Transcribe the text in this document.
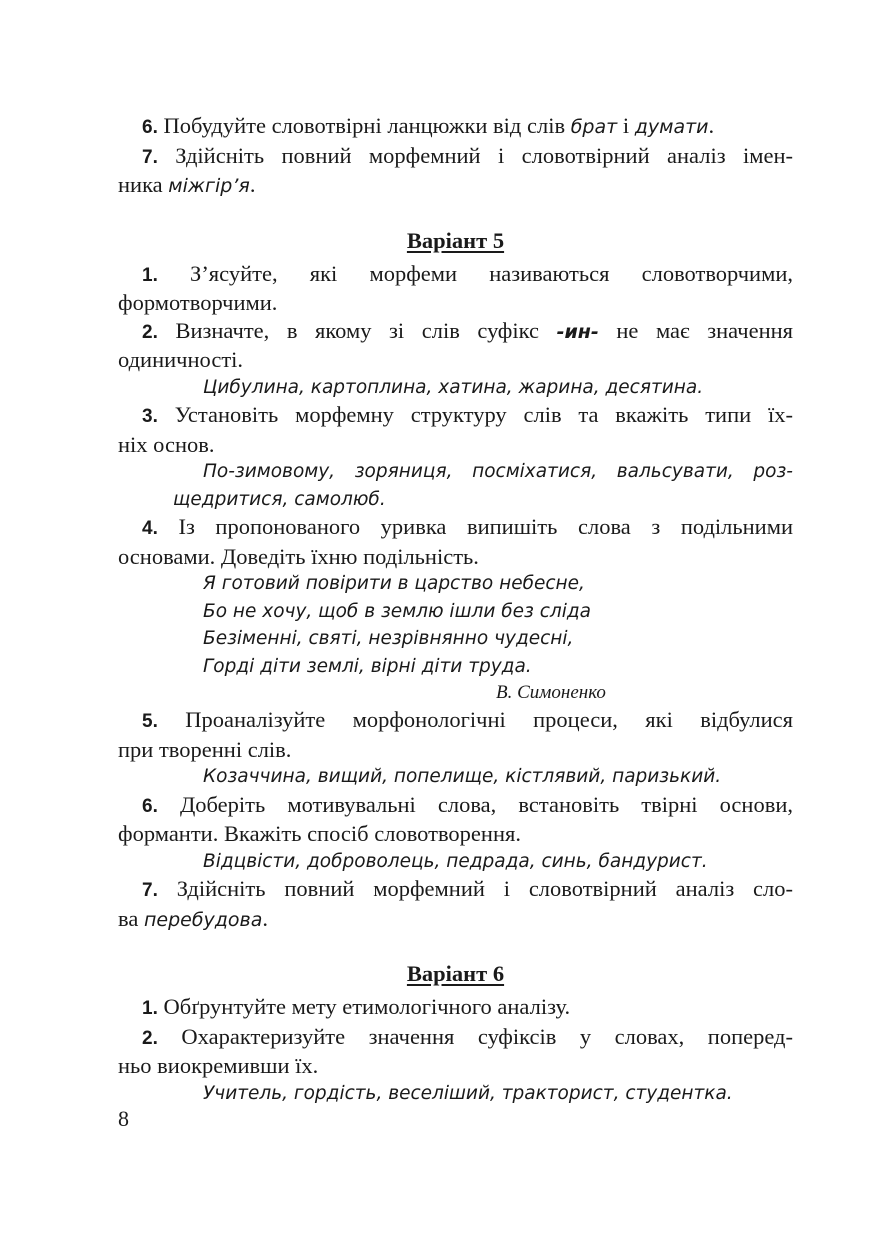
6. Побудуйте словотвірні ланцюжки від слів брат і думати.

7. Здійсніть повний морфемний і словотвірний аналіз імен-

ника міжгір’я.

Варіант 5

1. З’ясуйте, які морфеми називаються словотворчими,

формотворчими.

2. Визначте, в якому зі слів суфікс -ин- не має значення

одиничності.

Цибулина, картоплина, хатина, жарина, десятина.

3. Установіть морфемну структуру слів та вкажіть типи їх-

ніх основ.

По-зимовому, зоряниця, посміхатися, вальсувати, роз-

щедритися, самолюб.

4. Із пропонованого уривка випишіть слова з подільними

основами. Доведіть їхню подільність.

Я готовий повірити в царство небесне,
Бо не хочу, щоб в землю ішли без сліда
Безіменні, святі, незрівнянно чудесні,
Горді діти землі, вірні діти труда.
В. Симоненко

5. Проаналізуйте морфонологічні процеси, які відбулися

при творенні слів.

Козаччина, вищий, попелище, кістлявий, паризький.

6. Доберіть мотивувальні слова, встановіть твірні основи,

форманти. Вкажіть спосіб словотворення.

Відцвісти, доброволець, педрада, синь, бандурист.

7. Здійсніть повний морфемний і словотвірний аналіз сло-

ва перебудова.

Варіант 6

1. Обґрунтуйте мету етимологічного аналізу.

2. Охарактеризуйте значення суфіксів у словах, поперед-

ньо виокремивши їх.

Учитель, гордість, веселіший, тракторист, студентка.

8
